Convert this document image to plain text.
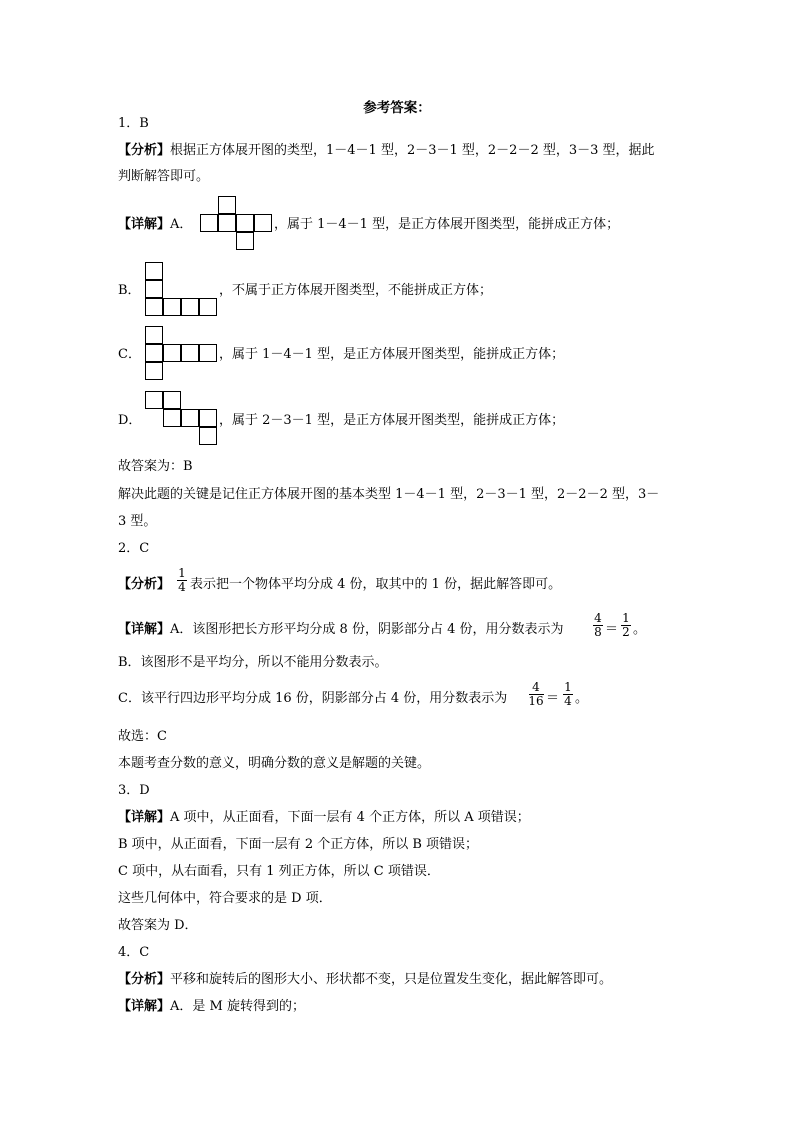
参考答案：
1．B
【分析】根据正方体展开图的类型，1－4－1 型，2－3－1 型，2－2－2 型，3－3 型，据此
判断解答即可。
【详解】A．	，属于 1－4－1 型，是正方体展开图类型，能拼成正方体；
B．	，不属于正方体展开图类型，不能拼成正方体；
C．	，属于 1－4－1 型，是正方体展开图类型，能拼成正方体；
D．	，属于 2－3－1 型，是正方体展开图类型，能拼成正方体；
故答案为：B
解决此题的关键是记住正方体展开图的基本类型 1－4－1 型，2－3－1 型，2－2－2 型，3－
3 型。
2．C
【分析】
1
4 表示把一个物体平均分成 4 份，取其中的 1 份，据此解答即可。
【详解】A．该图形把长方形平均分成 8 份，阴影部分占 4 份，用分数表示为
4
8 ＝
1
2 。
B．该图形不是平均分，所以不能用分数表示。
C．该平行四边形平均分成 16 份，阴影部分占 4 份，用分数表示为
4
16 ＝
1
4 。
故选：C
本题考查分数的意义，明确分数的意义是解题的关键。
3．D
【详解】A 项中，从正面看，下面一层有 4 个正方体，所以 A 项错误；
B 项中，从正面看，下面一层有 2 个正方体，所以 B 项错误；
C 项中，从右面看，只有 1 列正方体，所以 C 项错误．
这些几何体中，符合要求的是 D 项．
故答案为 D．
4．C
【分析】平移和旋转后的图形大小、形状都不变，只是位置发生变化，据此解答即可。
【详解】A．是 M 旋转得到的；
